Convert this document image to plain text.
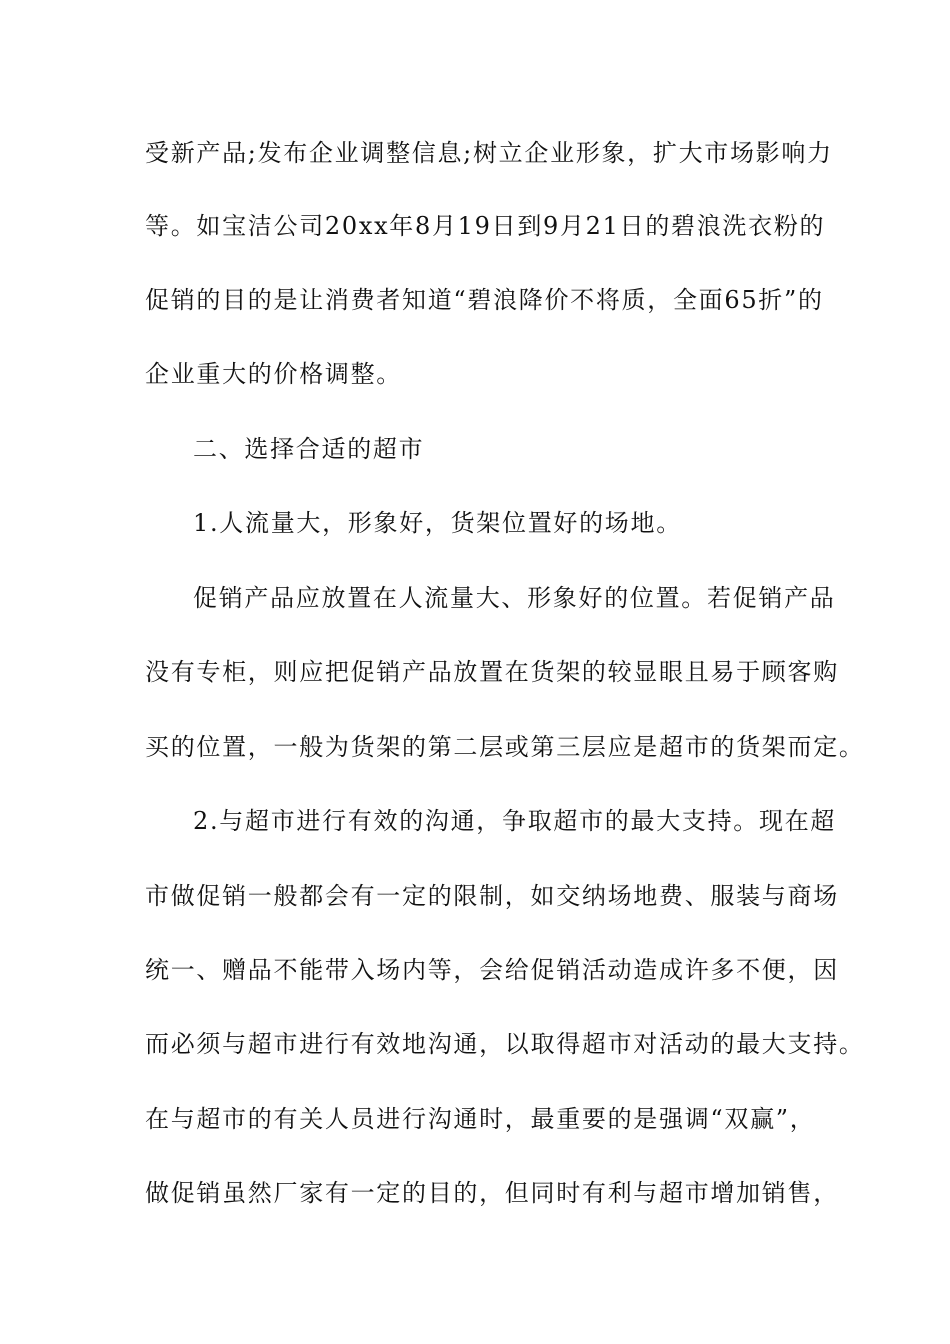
受新产品;发布企业调整信息;树立企业形象，扩大市场影响力
等。如宝洁公司20xx年8月19日到9月21日的碧浪洗衣粉的
促销的目的是让消费者知道“碧浪降价不将质，全面65折”的
企业重大的价格调整。
二、选择合适的超市
1.人流量大，形象好，货架位置好的场地。
促销产品应放置在人流量大、形象好的位置。若促销产品
没有专柜，则应把促销产品放置在货架的较显眼且易于顾客购
买的位置，一般为货架的第二层或第三层应是超市的货架而定。
2.与超市进行有效的沟通，争取超市的最大支持。现在超
市做促销一般都会有一定的限制，如交纳场地费、服装与商场
统一、赠品不能带入场内等，会给促销活动造成许多不便，因
而必须与超市进行有效地沟通，以取得超市对活动的最大支持。
在与超市的有关人员进行沟通时，最重要的是强调“双赢”，
做促销虽然厂家有一定的目的，但同时有利与超市增加销售，
